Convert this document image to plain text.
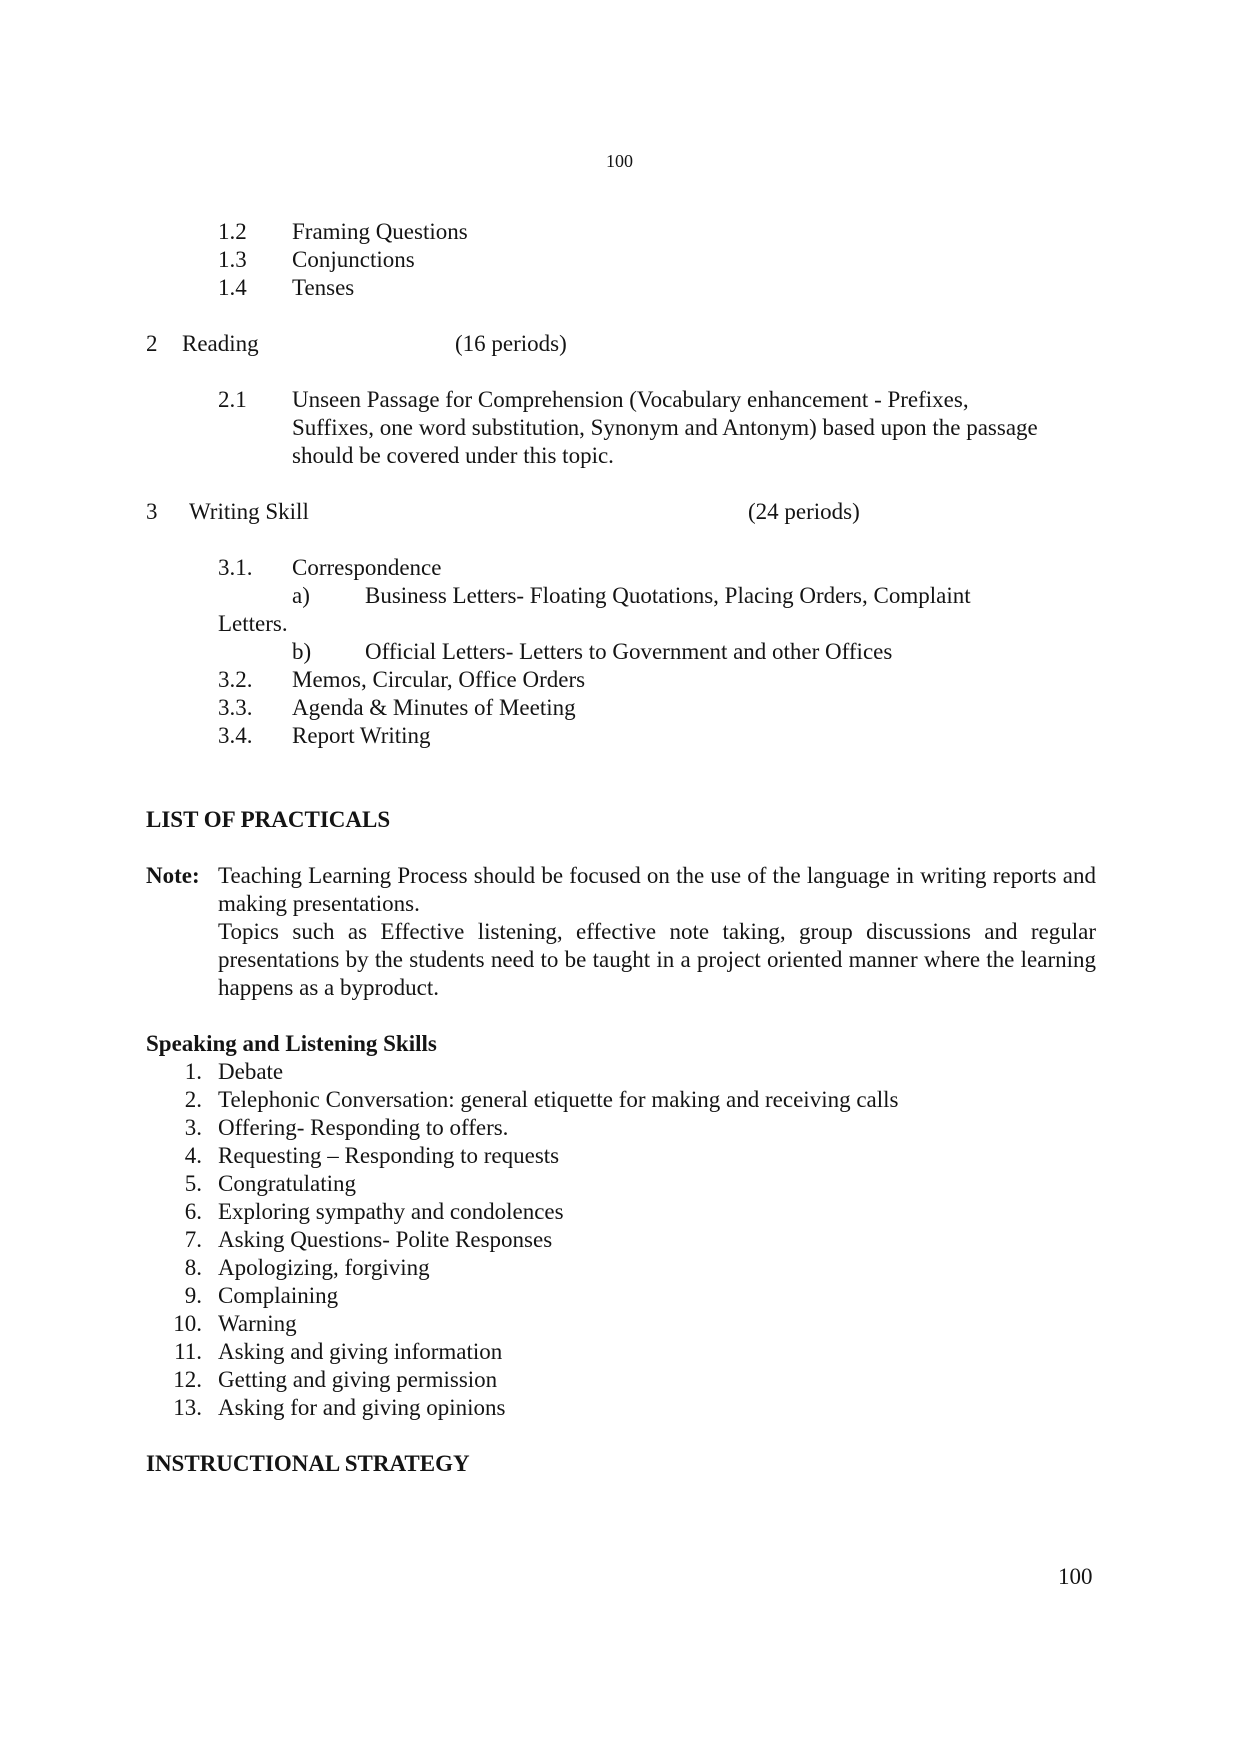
100
1.2 Framing Questions
1.3 Conjunctions
1.4 Tenses
2 Reading	(16 periods)
2.1 Unseen Passage for Comprehension (Vocabulary enhancement - Prefixes,
Suffixes, one word substitution, Synonym and Antonym) based upon the passage
should be covered under this topic.
3 Writing Skill	(24 periods)
3.1. Correspondence
a) Business Letters- Floating Quotations, Placing Orders, Complaint
Letters.
b) Official Letters- Letters to Government and other Offices
3.2. Memos, Circular, Office Orders
3.3. Agenda & Minutes of Meeting
3.4. Report Writing
LIST OF PRACTICALS
Note: Teaching Learning Process should be focused on the use of the language in writing reports and making presentations.
Topics such as Effective listening, effective note taking, group discussions and regular presentations by the students need to be taught in a project oriented manner where the learning happens as a byproduct.
Speaking and Listening Skills
1. Debate
2. Telephonic Conversation: general etiquette for making and receiving calls
3. Offering- Responding to offers.
4. Requesting – Responding to requests
5. Congratulating
6. Exploring sympathy and condolences
7. Asking Questions- Polite Responses
8. Apologizing, forgiving
9. Complaining
10. Warning
11. Asking and giving information
12. Getting and giving permission
13. Asking for and giving opinions
INSTRUCTIONAL STRATEGY
100
